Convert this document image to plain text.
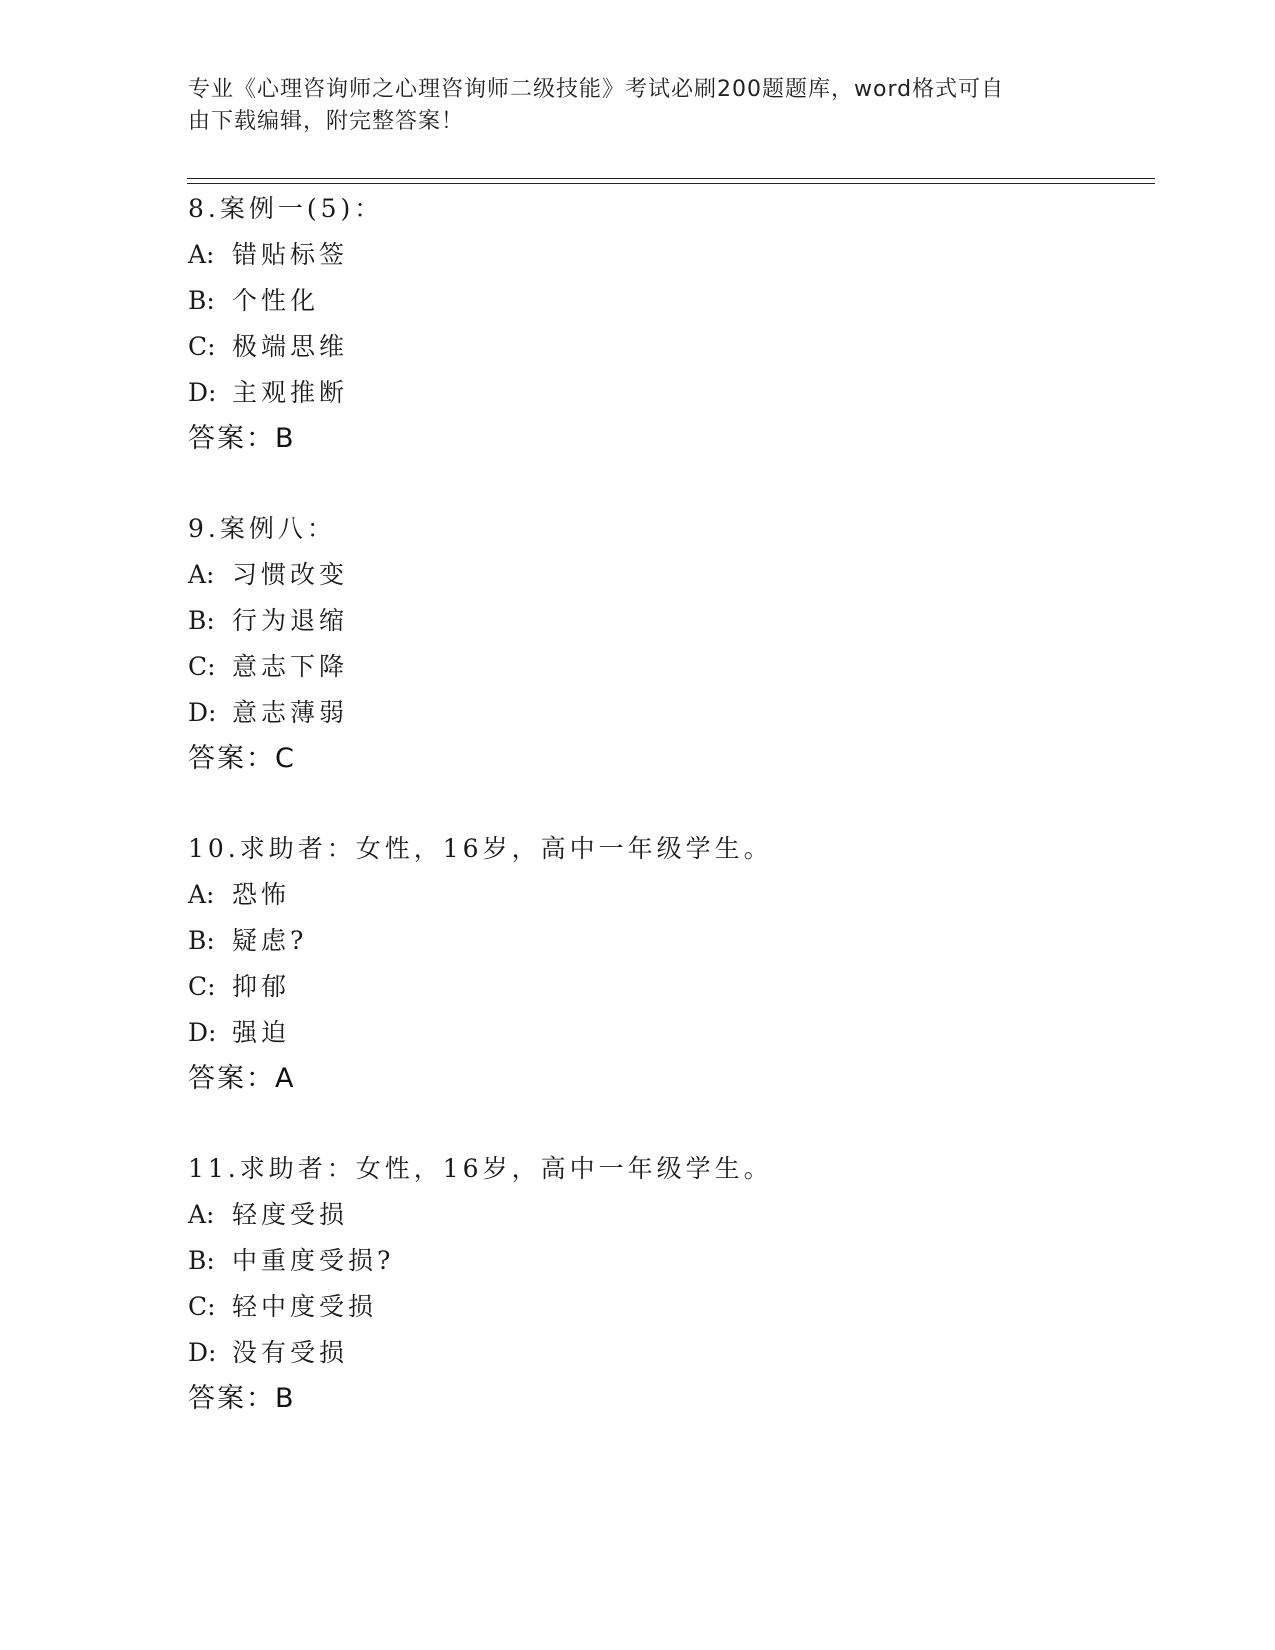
专业《心理咨询师之心理咨询师二级技能》考试必刷200题题库，word格式可自
由下载编辑，附完整答案！
8.案例一(5)：
A: 错贴标签
B: 个性化
C: 极端思维
D: 主观推断
答案：B
9.案例八：
A: 习惯改变
B: 行为退缩
C: 意志下降
D: 意志薄弱
答案：C
10.求助者：女性，16岁，高中一年级学生。
A: 恐怖
B: 疑虑?
C: 抑郁
D: 强迫
答案：A
11.求助者：女性，16岁，高中一年级学生。
A: 轻度受损
B: 中重度受损?
C: 轻中度受损
D: 没有受损
答案：B
